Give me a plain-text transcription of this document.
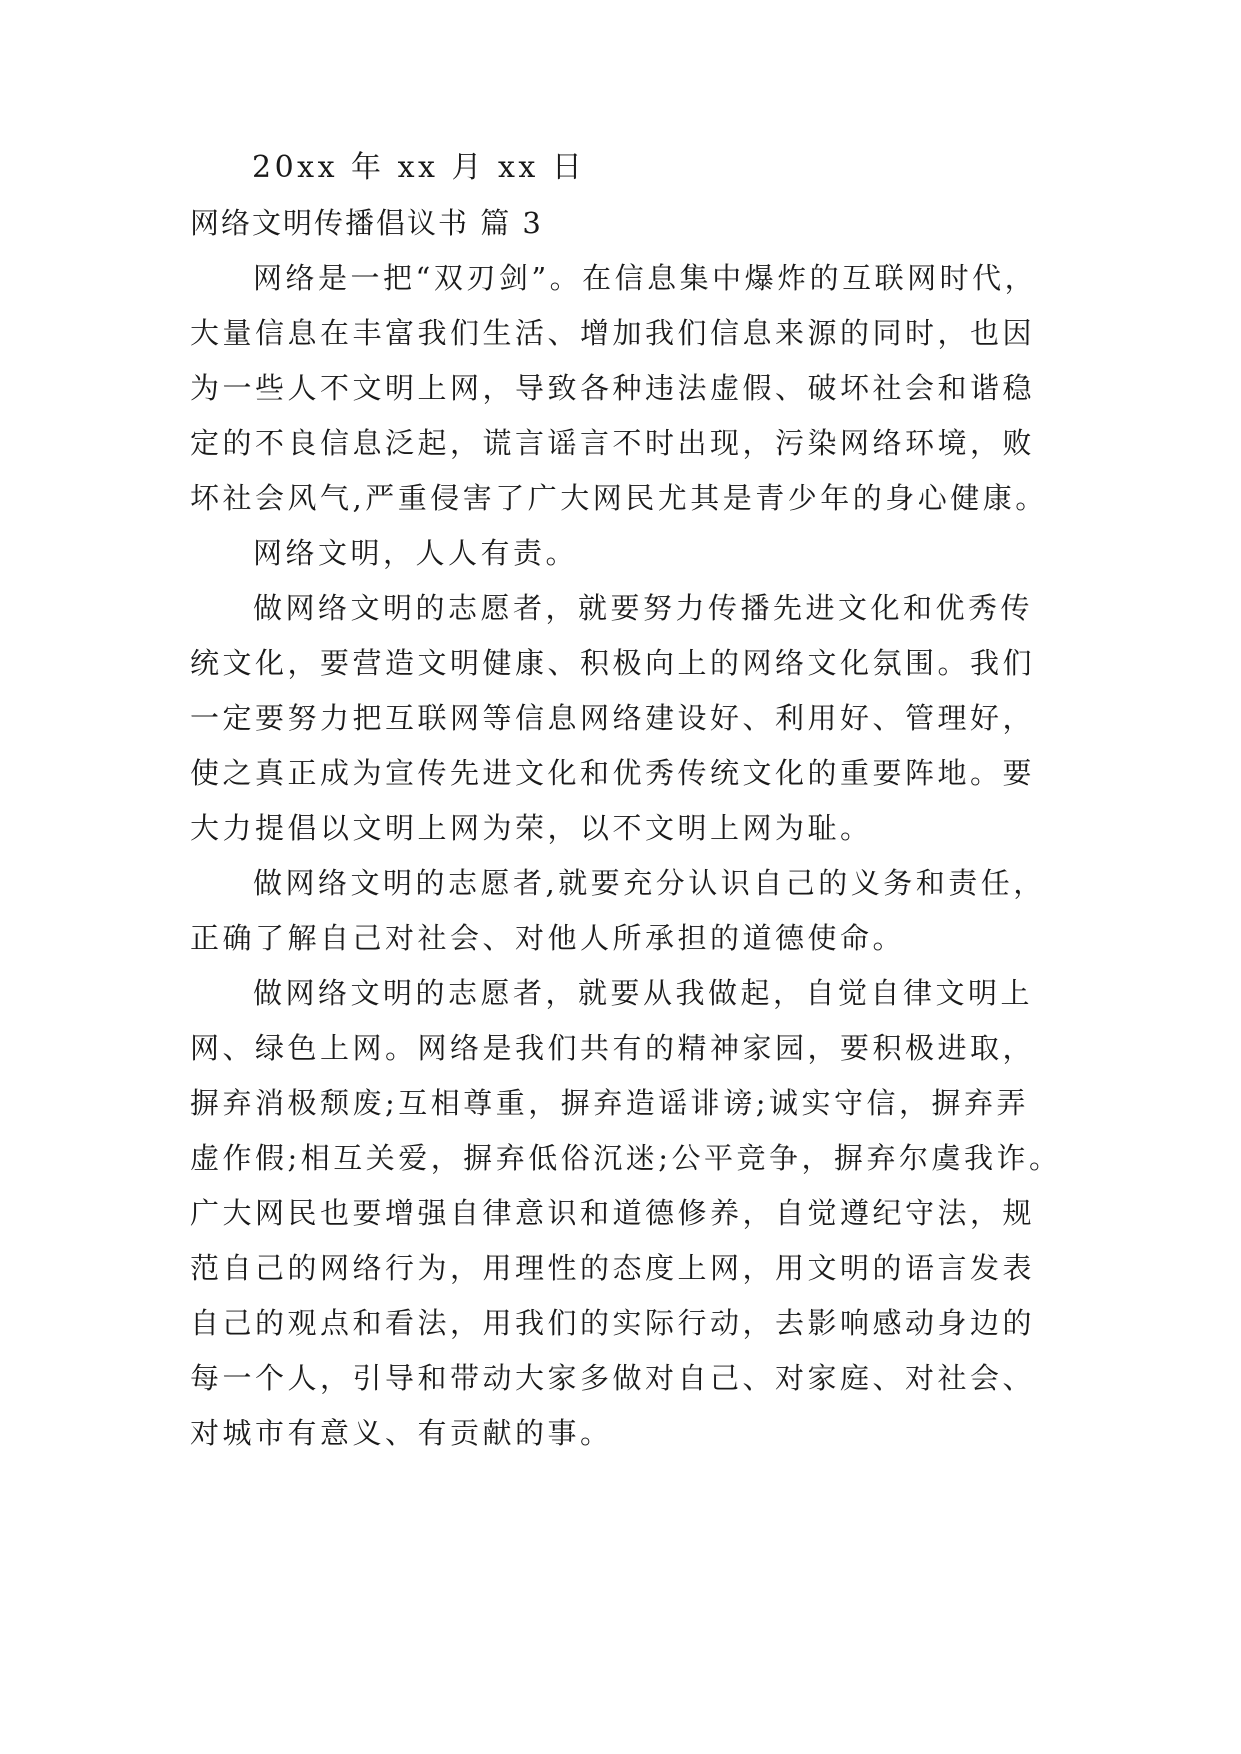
20xx 年 xx 月 xx 日
网络文明传播倡议书 篇 3
网络是一把“双刃剑”。在信息集中爆炸的互联网时代，
大量信息在丰富我们生活、增加我们信息来源的同时，也因
为一些人不文明上网，导致各种违法虚假、破坏社会和谐稳
定的不良信息泛起，谎言谣言不时出现，污染网络环境，败
坏社会风气,严重侵害了广大网民尤其是青少年的身心健康。
网络文明，人人有责。
做网络文明的志愿者，就要努力传播先进文化和优秀传
统文化，要营造文明健康、积极向上的网络文化氛围。我们
一定要努力把互联网等信息网络建设好、利用好、管理好，
使之真正成为宣传先进文化和优秀传统文化的重要阵地。要
大力提倡以文明上网为荣，以不文明上网为耻。
做网络文明的志愿者,就要充分认识自己的义务和责任，
正确了解自己对社会、对他人所承担的道德使命。
做网络文明的志愿者，就要从我做起，自觉自律文明上
网、绿色上网。网络是我们共有的精神家园，要积极进取，
摒弃消极颓废;互相尊重，摒弃造谣诽谤;诚实守信，摒弃弄
虚作假;相互关爱，摒弃低俗沉迷;公平竞争，摒弃尔虞我诈。
广大网民也要增强自律意识和道德修养，自觉遵纪守法，规
范自己的网络行为，用理性的态度上网，用文明的语言发表
自己的观点和看法，用我们的实际行动，去影响感动身边的
每一个人，引导和带动大家多做对自己、对家庭、对社会、
对城市有意义、有贡献的事。
